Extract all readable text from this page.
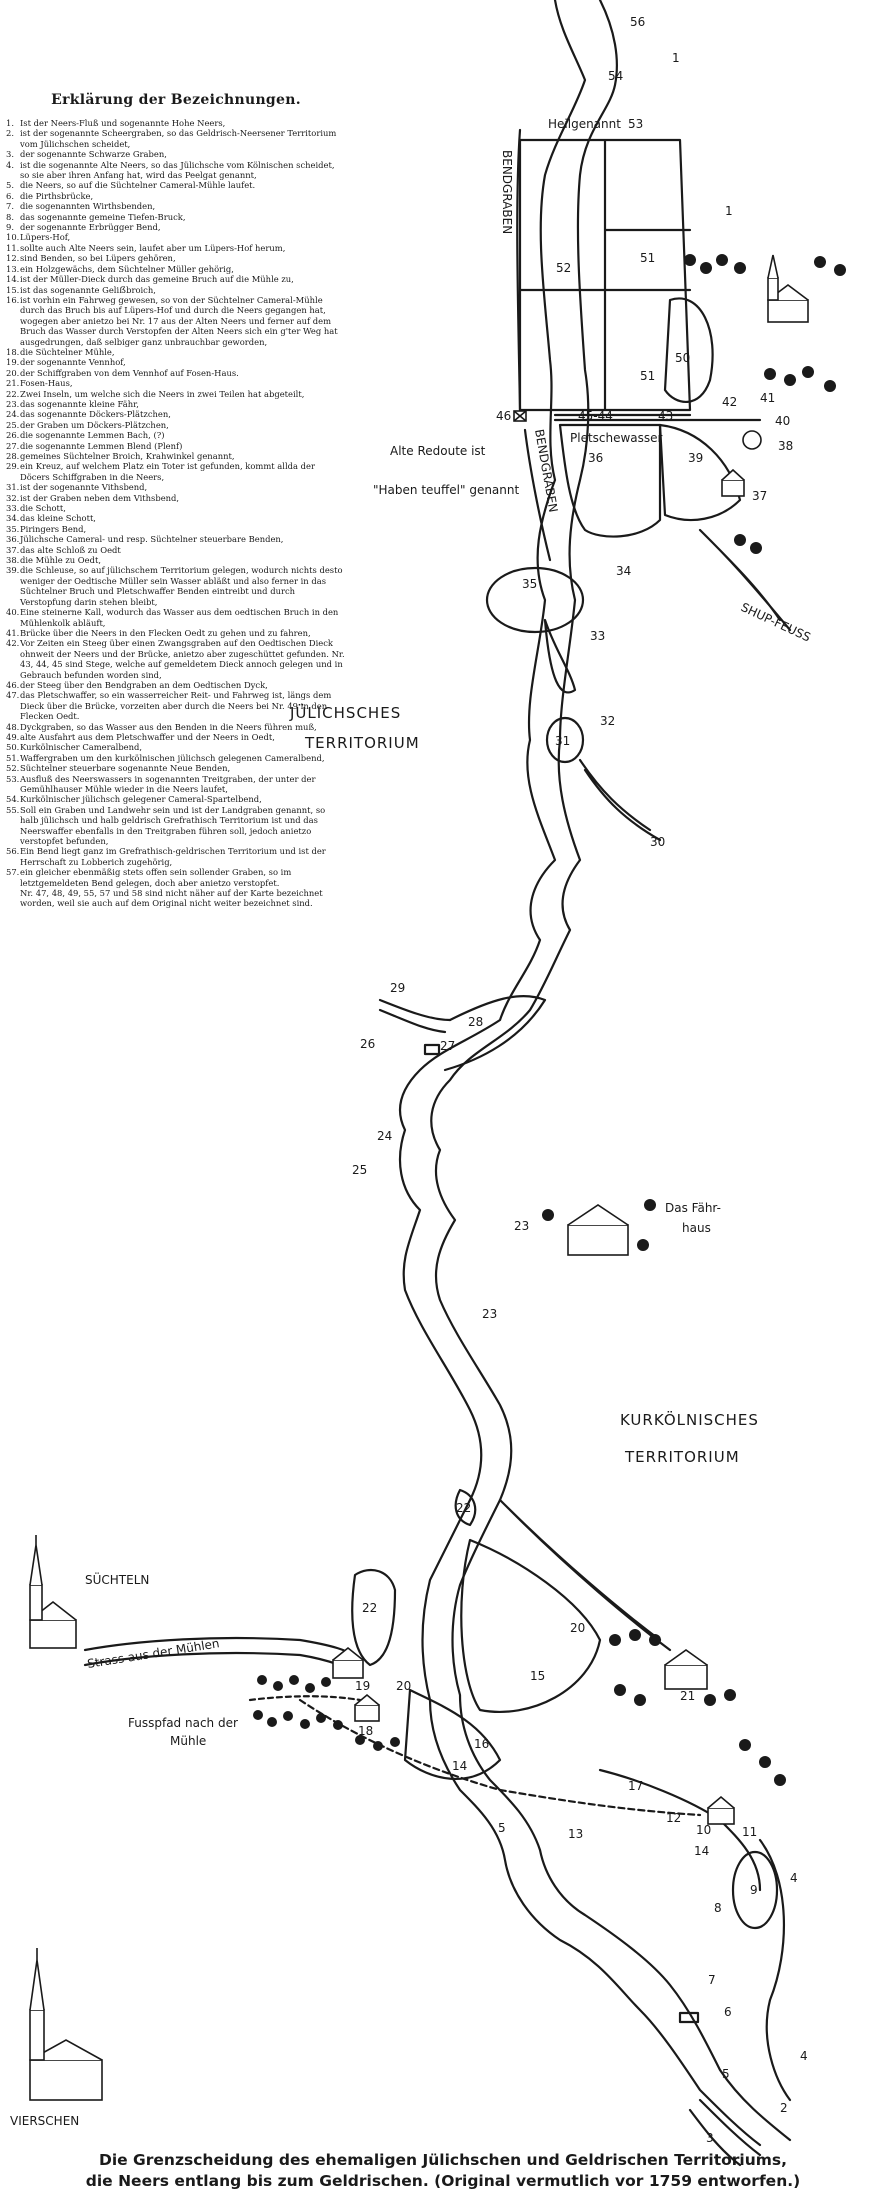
JÜLICHSCHES
TERRITORIUM
KURKÖLNISCHES
TERRITORIUM
BENDGRABEN
BENDGRABEN
Heilgenannt
Pletschewasser
Alte Redoute ist
"Haben teuffel" genannt
SHUP-FEUSS
Das Fähr-
haus
SÜCHTELN
Strass aus der Mühlen
Fusspfad nach der
Mühle
VIERSCHEN
56
54
1
53
1
51
52
50
51
46	45-44	43
42 41
40
38
36	39
37
35
34
33
32
31
30
29
28
27
26
24
25
23
23
22
22
20
15
20
21
19
18
16
14
17
12
10	11
13
14
5
9
4
8
7
6
4
5
2
3
Erklärung der Bezeichnungen.
1. Ist der Neers-Fluß und sogenannte Hohe Neers,
2. ist der sogenannte Scheergraben, so das Geldrisch-Neersener Territorium vom Jülichschen scheidet,
3. der sogenannte Schwarze Graben,
4. ist die sogenannte Alte Neers, so das Jülichsche vom Kölnischen scheidet, so sie aber ihren Anfang hat, wird das Peelgat genannt,
5. die Neers, so auf die Süchtelner Cameral-Mühle laufet.
6. die Pirthsbrücke,
7. die sogenannten Wirthsbenden,
8. das sogenannte gemeine Tiefen-Bruck,
9. der sogenannte Erbrügger Bend,
10.Lüpers-Hof,
11.sollte auch Alte Neers sein, laufet aber um Lüpers-Hof herum,
12.sind Benden, so bei Lüpers gehören,
13.ein Holzgewächs, dem Süchtelner Müller gehörig,
14.ist der Müller-Dieck durch das gemeine Bruch auf die Mühle zu,
15.ist das sogenannte Geliẞbroich,
16.ist vorhin ein Fahrweg gewesen, so von der Süchtelner Cameral-Mühle durch das Bruch bis auf Lüpers-Hof und durch die Neers gegangen hat, wogegen aber anietzo bei Nr. 17 aus der Alten Neers und ferner auf dem Bruch das Wasser durch Verstopfen der Alten Neers sich ein g'ter Weg hat ausgedrungen, daß selbiger ganz unbrauchbar geworden,
18.die Süchtelner Mühle,
19.der sogenannte Vennhof,
20.der Schiffgraben von dem Vennhof auf Fosen-Haus.
21.Fosen-Haus,
22.Zwei Inseln, um welche sich die Neers in zwei Teilen hat abgeteilt,
23.das sogenannte kleine Fähr,
24.das sogenannte Döckers-Plätzchen,
25.der Graben um Döckers-Plätzchen,
26.die sogenannte Lemmen Bach, (?)
27.die sogenannte Lemmen Blend (Plenf)
28.gemeines Süchtelner Broich, Krahwinkel genannt,
29.ein Kreuz, auf welchem Platz ein Toter ist gefunden, kommt allda der Döcers Schiffgraben in die Neers,
31.ist der sogenannte Vithsbend,
32.ist der Graben neben dem Vithsbend,
33.die Schott,
34.das kleine Schott,
35.Piringers Bend,
36.Jülichsche Cameral- und resp. Süchtelner steuerbare Benden,
37.das alte Schloß zu Oedt
38.die Mühle zu Oedt,
39.die Schleuse, so auf jülichschem Territorium gelegen, wodurch nichts desto weniger der Oedtische Müller sein Wasser abläßt und also ferner in das Süchtelner Bruch und Pletschwaffer Benden eintreibt und durch Verstopfung darin stehen bleibt,
40.Eine steinerne Kall, wodurch das Wasser aus dem oedtischen Bruch in den Mühlenkolk abläuft,
41.Brücke über die Neers in den Flecken Oedt zu gehen und zu fahren,
42.Vor Zeiten ein Steeg über einen Zwangsgraben auf den Oedtischen Dieck ohnweit der Neers und der Brücke, anietzo aber zugeschüttet gefunden. Nr. 43, 44, 45 sind Stege, welche auf gemeldetem Dieck annoch gelegen und in Gebrauch befunden worden sind,
46.der Steeg über den Bendgraben an dem Oedtischen Dyck,
47.das Pletschwaffer, so ein wasserreicher Reit- und Fahrweg ist, längs dem Dieck über die Brücke, vorzeiten aber durch die Neers bei Nr. 49 in den Flecken Oedt.
48.Dyckgraben, so das Wasser aus den Benden in die Neers führen muß,
49.alte Ausfahrt aus dem Pletschwaffer und der Neers in Oedt,
50.Kurkölnischer Cameralbend,
51.Waffergraben um den kurkölnischen jülichsch gelegenen Cameralbend,
52.Süchtelner steuerbare sogenannte Neue Benden,
53.Ausfluß des Neerswassers in sogenannten Treitgraben, der unter der Gemühlhauser Mühle wieder in die Neers laufet,
54.Kurkölnischer jülichsch gelegener Cameral-Spartelbend,
55.Soll ein Graben und Landwehr sein und ist der Landgraben genannt, so halb jülichsch und halb geldrisch Grefrathisch Territorium ist und das Neerswaffer ebenfalls in den Treitgraben führen soll, jedoch anietzo verstopfet befunden,
56.Ein Bend liegt ganz im Grefrathisch-geldrischen Territorium und ist der Herrschaft zu Lobberich zugehörig,
57.ein gleicher ebenmäßig stets offen sein sollender Graben, so im letztgemeldeten Bend gelegen, doch aber anietzo verstopfet.
Nr. 47, 48, 49, 55, 57 und 58 sind nicht näher auf der Karte bezeichnet worden, weil sie auch auf dem Original nicht weiter bezeichnet sind.
Die Grenzscheidung des ehemaligen Jülichschen und Geldrischen Territoriums,
die Neers entlang bis zum Geldrischen. (Original vermutlich vor 1759 entworfen.)
